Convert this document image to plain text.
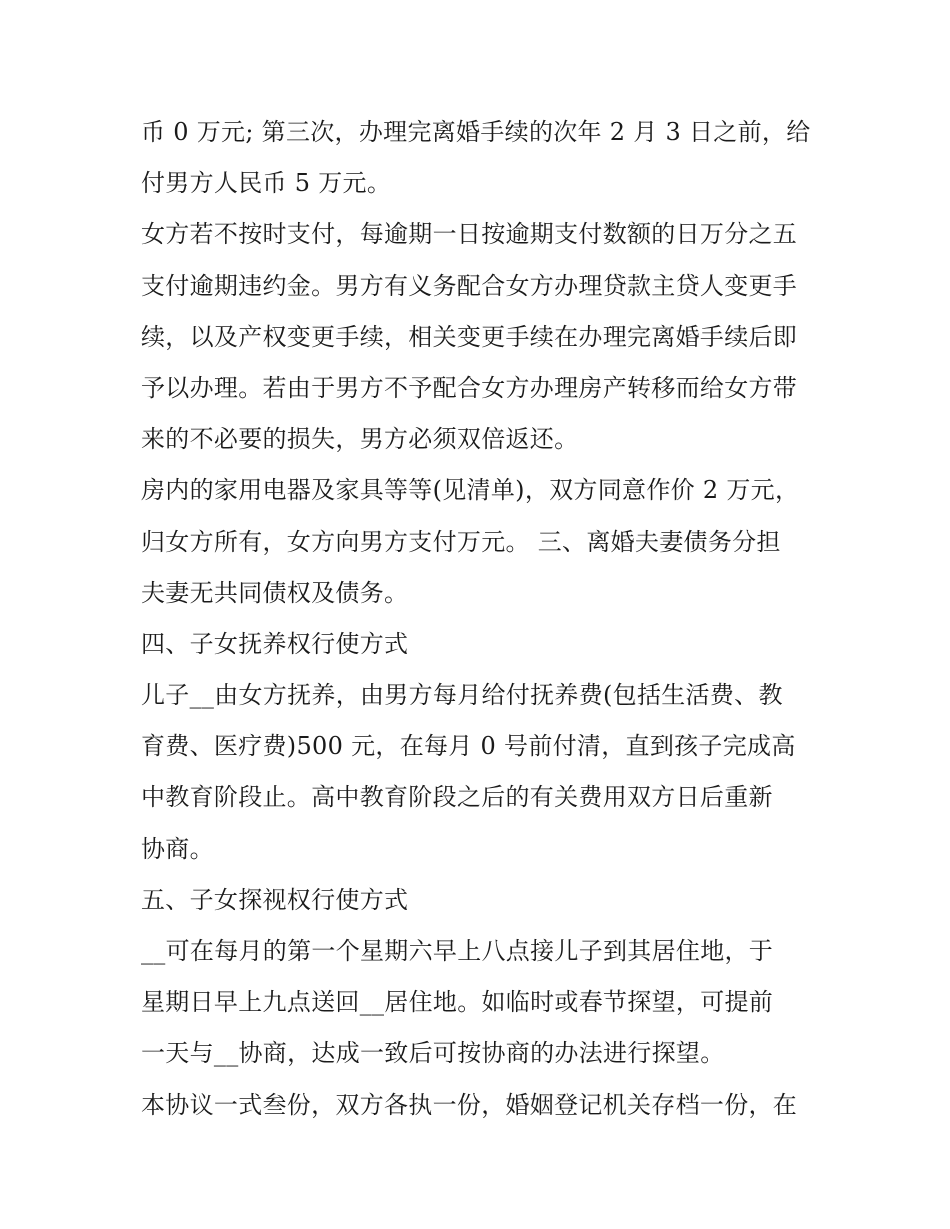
币 0 万元; 第三次，办理完离婚手续的次年 2 月 3 日之前，给
付男方人民币 5 万元。
女方若不按时支付，每逾期一日按逾期支付数额的日万分之五
支付逾期违约金。男方有义务配合女方办理贷款主贷人变更手
续，以及产权变更手续，相关变更手续在办理完离婚手续后即
予以办理。若由于男方不予配合女方办理房产转移而给女方带
来的不必要的损失，男方必须双倍返还。
房内的家用电器及家具等等(见清单)，双方同意作价 2 万元，
归女方所有，女方向男方支付万元。 三、离婚夫妻债务分担
夫妻无共同债权及债务。
四、子女抚养权行使方式
儿子__由女方抚养，由男方每月给付抚养费(包括生活费、教
育费、医疗费)500 元，在每月 0 号前付清，直到孩子完成高
中教育阶段止。高中教育阶段之后的有关费用双方日后重新
协商。
五、子女探视权行使方式
__可在每月的第一个星期六早上八点接儿子到其居住地，于
星期日早上九点送回__居住地。如临时或春节探望，可提前
一天与__协商，达成一致后可按协商的办法进行探望。
本协议一式叁份，双方各执一份，婚姻登记机关存档一份，在
